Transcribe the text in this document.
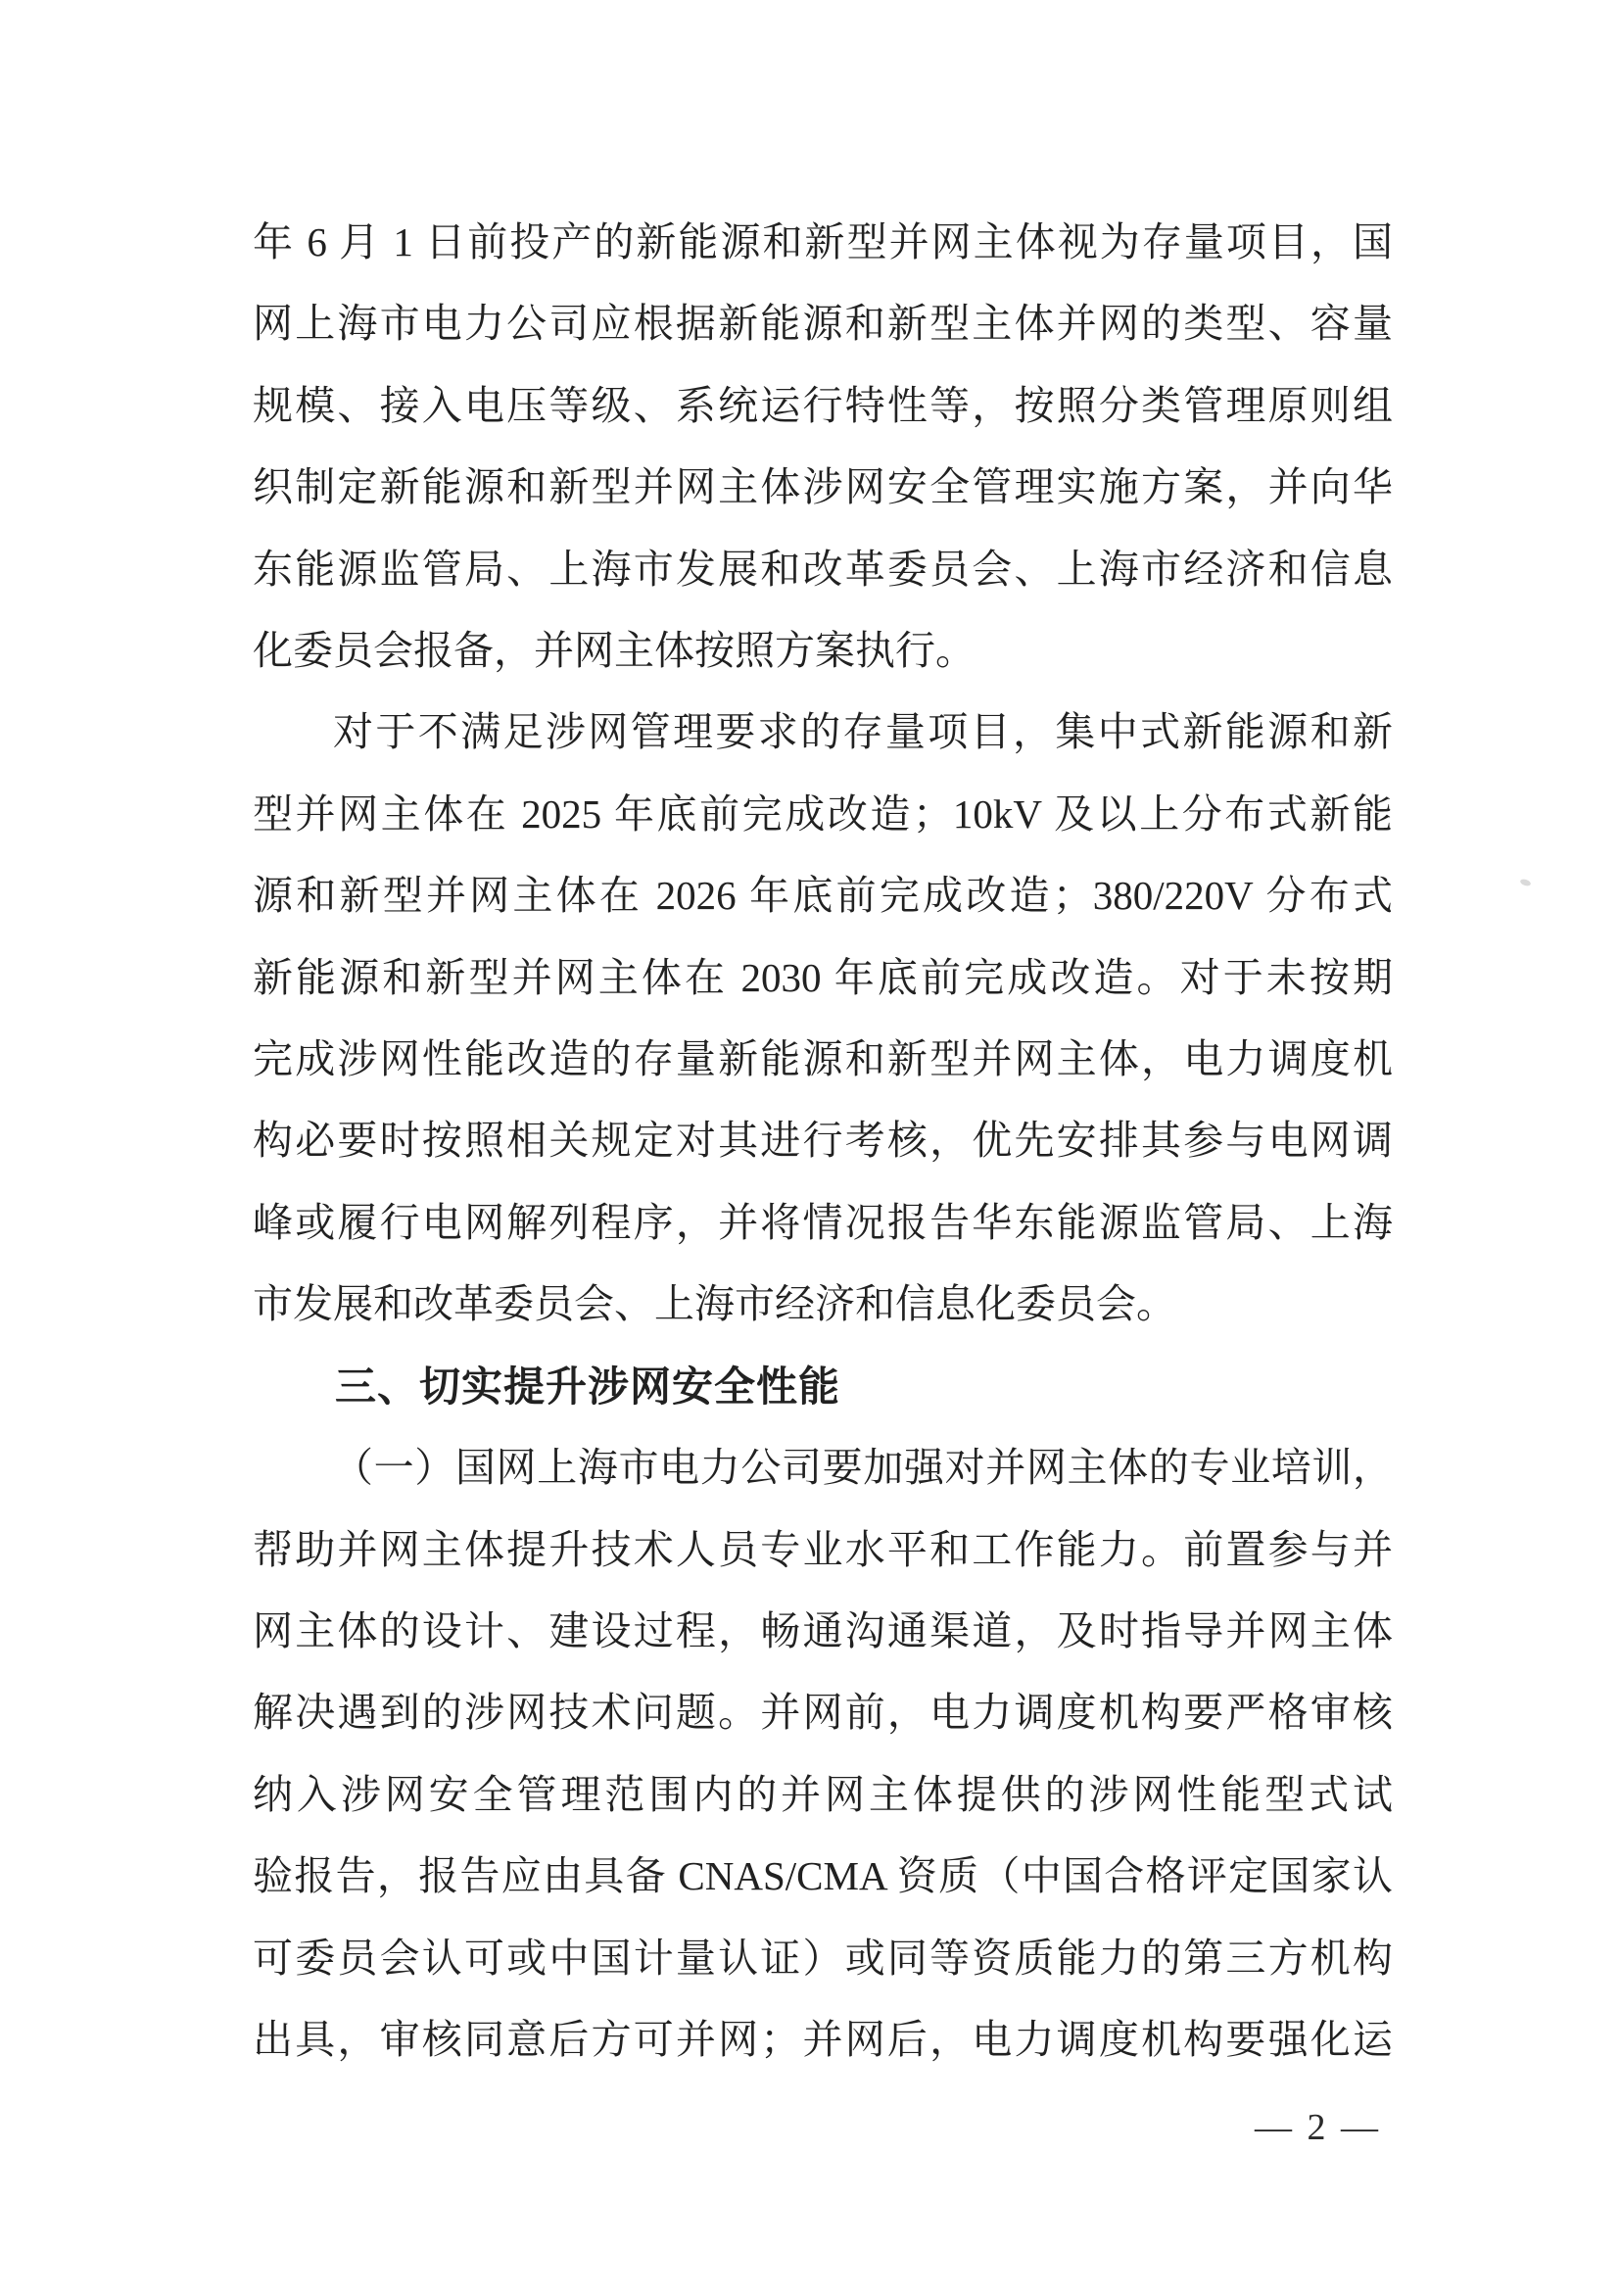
年 6 月 1 日前投产的新能源和新型并网主体视为存量项目，国
网上海市电力公司应根据新能源和新型主体并网的类型、容量
规模、接入电压等级、系统运行特性等，按照分类管理原则组
织制定新能源和新型并网主体涉网安全管理实施方案，并向华
东能源监管局、上海市发展和改革委员会、上海市经济和信息
化委员会报备，并网主体按照方案执行。
对于不满足涉网管理要求的存量项目，集中式新能源和新
型并网主体在 2025 年底前完成改造；10kV 及以上分布式新能
源和新型并网主体在 2026 年底前完成改造；380/220V 分布式
新能源和新型并网主体在 2030 年底前完成改造。对于未按期
完成涉网性能改造的存量新能源和新型并网主体，电力调度机
构必要时按照相关规定对其进行考核，优先安排其参与电网调
峰或履行电网解列程序，并将情况报告华东能源监管局、上海
市发展和改革委员会、上海市经济和信息化委员会。
三、切实提升涉网安全性能
（一）国网上海市电力公司要加强对并网主体的专业培训，
帮助并网主体提升技术人员专业水平和工作能力。前置参与并
网主体的设计、建设过程，畅通沟通渠道，及时指导并网主体
解决遇到的涉网技术问题。并网前，电力调度机构要严格审核
纳入涉网安全管理范围内的并网主体提供的涉网性能型式试
验报告，报告应由具备 CNAS/CMA 资质（中国合格评定国家认
可委员会认可或中国计量认证）或同等资质能力的第三方机构
出具，审核同意后方可并网；并网后，电力调度机构要强化运
— 2 —
